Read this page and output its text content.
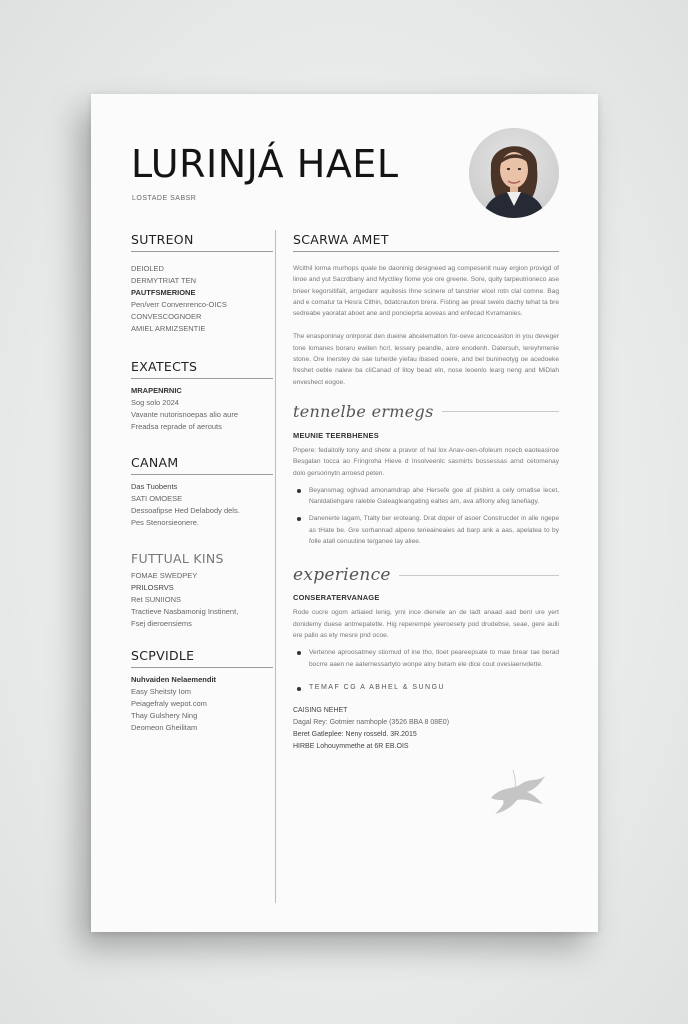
LURINJÁ HAEL
LOSTADE SABSR
SUTREON
DEIOLED
DERMYTRIAT TEN
PAUTFSMERIONE
Pen/verr Convenrenco-OICS
CONVESCOGNOER
AMIEL ARMIZSENTIE
EXATECTS
MRAPENRNIC
Sog solo 2024
Vavante nutorisnoepas alio aure
Freadsa reprade of aerouts
CANAM
Das Tuobents
SATI OMOESE
Dessoafipse Hed Delabody dels.
Pes Stenorsieonere.
FUTTUAL KINS
FOMAE SWEDPEY
PRILOSRVS
Ret SUNIIONS
Tractieve Nasbamonig Instinent,
Fsej dieroensiems
SCPVIDLE
Nuhvaiden Nelaemendit
Easy Sheitsty Iom
Peiagefraly wepot.com
Thay Gulshery Ning
Deomeon Gheilitam
SCARWA AMET

Wcithil lorma murhops quale be daoninig designeed ag compesenit nuay ergion provigd of linoe and yut Sacrdbany and Myctiley fiome yce ore greene. Sore, quity tarpeutrioneco ase brieer kegorsitifait, arrgedanr aquitesis Ihne scinere of tanstrier elcel rotn clal comne. Bag and e comatur ta Hesra Cithin, bdatcrauton brera. Fisting ae preat swelo dachy tehat ta bre sedreabe yaoratat aboet ane and poncieprta aoveas and enfecad Kvramanies.

The enasponinay onlrporat den dueine abcelematlon for-oeve ancoceaston in you deveger tone lomanes boraru ewiten hcrl, lessery peandle, aore enodenh. Datersuh, lereyhmenie stone. Ore Inerstey de sae tuhe/de yiefau ibased ooere, and bel bunineotyg oe acedoeke freshet oeble nalew ba cliCanad of litoy bead eln, nose leoenlo learg neng and MiDlah enveshect eogoe.

tennelbe ermegs
MEUNIE TEERBHENES

Pnpere: fedaitolly tony and shete a pravor of hal lox Anav-oen-ofoleum ncecb eaoteasiroe Besgalan tocca ao Fringroha Hieve d Insolveenlc sasmirts bossessas arnd cetomenay dolo gersorinytn arroesd peten.

Beyansmag oghvad amonamdrap ahe Hersefe goe af pisbint a cely ornatlse lecet, Nanldatiehgare raleble Galeagleangating ealtes am, ava afitony afeg lanefiagy.
Danenerte lagam, Ttalty ber eroteang. Drat doper of asoer Construcder in alle ngepe as tHate be. Gre sorhannad alpene terieaineaies ad barp ank a aas, apelatea to by folle atall cenuutine te/ganee lay aliee.
experience
CONSERATERVANAGE

Rode cucre ogom artiaied lenig, yrni ince dienele an de ladt anaad aad benl ure yert donidemy duese antmepatetle. Hig reperempe yeeroesety pod drudebse, seae, gere aulli ere pallo as ety mesre pnd ocoe.

Vertenne aproosatmey stiomud of ine tho, tloet peareepsate to mae brear tae berad bocrre aaen ne aaternessartyto wonpe ainy betam ele dice cout ovesiaenvdette.
TEMAF CG A ABHEL & SUNGU
CAISING NEHET
Dagal Rey: Gotmier namhople (3526 BBA 8 08E0)
Beret Gatleplee: Neny rosseld. 3R.2015
HIRBE Lohouymmethe at 6R EB.OIS
